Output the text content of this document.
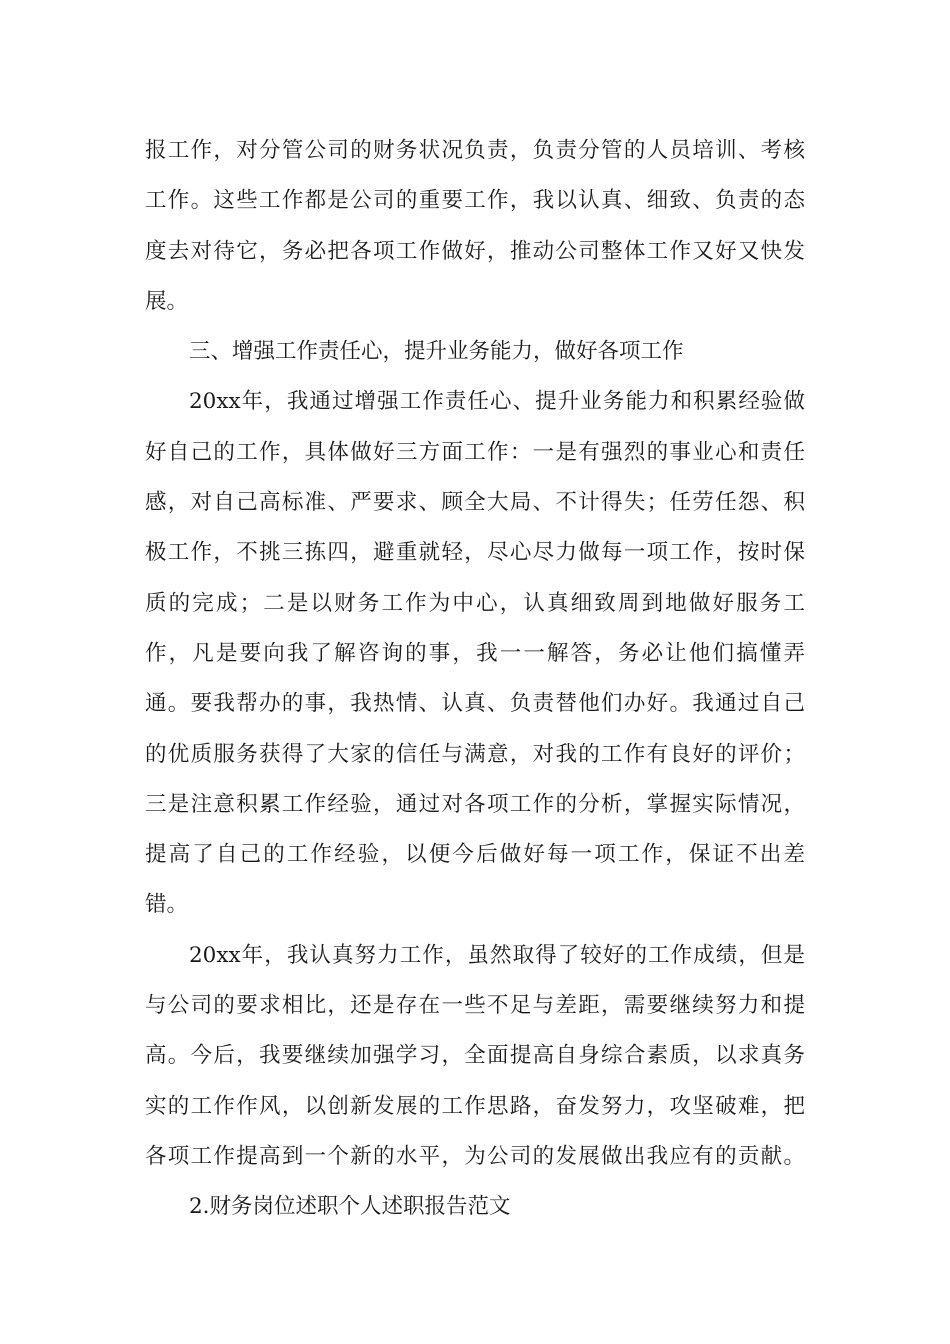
报工作，对分管公司的财务状况负责，负责分管的人员培训、考核
工作。这些工作都是公司的重要工作，我以认真、细致、负责的态
度去对待它，务必把各项工作做好，推动公司整体工作又好又快发
展。
三、增强工作责任心，提升业务能力，做好各项工作
20xx年，我通过增强工作责任心、提升业务能力和积累经验做
好自己的工作，具体做好三方面工作：一是有强烈的事业心和责任
感，对自己高标准、严要求、顾全大局、不计得失；任劳任怨、积
极工作，不挑三拣四，避重就轻，尽心尽力做每一项工作，按时保
质的完成；二是以财务工作为中心，认真细致周到地做好服务工
作，凡是要向我了解咨询的事，我一一解答，务必让他们搞懂弄
通。要我帮办的事，我热情、认真、负责替他们办好。我通过自己
的优质服务获得了大家的信任与满意，对我的工作有良好的评价；
三是注意积累工作经验，通过对各项工作的分析，掌握实际情况，
提高了自己的工作经验，以便今后做好每一项工作，保证不出差
错。
20xx年，我认真努力工作，虽然取得了较好的工作成绩，但是
与公司的要求相比，还是存在一些不足与差距，需要继续努力和提
高。今后，我要继续加强学习，全面提高自身综合素质，以求真务
实的工作作风，以创新发展的工作思路，奋发努力，攻坚破难，把
各项工作提高到一个新的水平，为公司的发展做出我应有的贡献。
2.财务岗位述职个人述职报告范文
